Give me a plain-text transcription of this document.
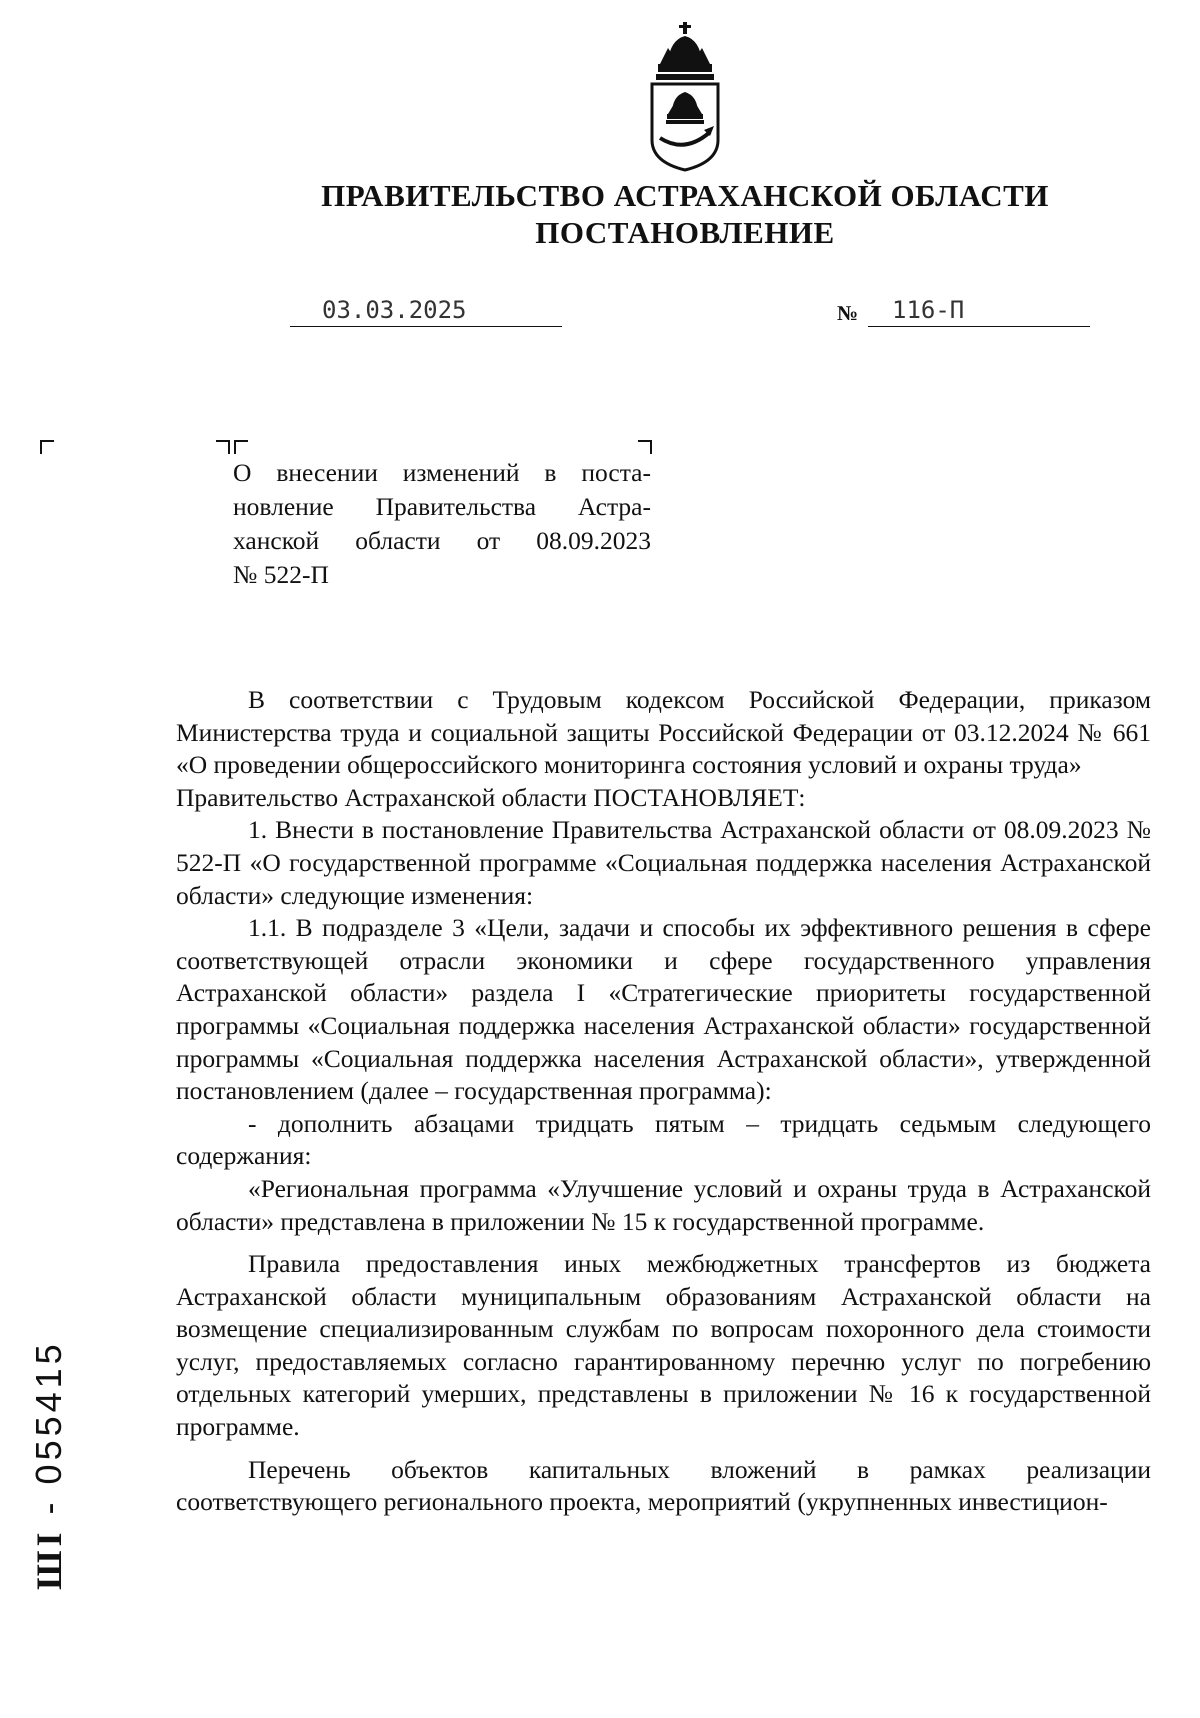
ПРАВИТЕЛЬСТВО АСТРАХАНСКОЙ ОБЛАСТИ
ПОСТАНОВЛЕНИЕ
03.03.2025	№	116-П
О внесении изменений в поста-
новление Правительства Астра-
ханской области от 08.09.2023
№ 522-П

В соответствии с Трудовым кодексом Российской Федерации, приказом Министерства труда и социальной защиты Российской Федерации от 03.12.2024 № 661 «О проведении общероссийского мониторинга состояния условий и охраны труда»

Правительство Астраханской области ПОСТАНОВЛЯЕТ:

1. Внести в постановление Правительства Астраханской области от 08.09.2023 № 522-П «О государственной программе «Социальная поддержка населения Астраханской области» следующие изменения:

1.1. В подразделе 3 «Цели, задачи и способы их эффективного решения в сфере соответствующей отрасли экономики и сфере государственного управления Астраханской области» раздела I «Стратегические приоритеты государственной программы «Социальная поддержка населения Астраханской области» государственной программы «Социальная поддержка населения Астраханской области», утвержденной постановлением (далее – государственная программа):

- дополнить абзацами тридцать пятым – тридцать седьмым следующего содержания:

«Региональная программа «Улучшение условий и охраны труда в Астраханской области» представлена в приложении № 15 к государственной программе.

Правила предоставления иных межбюджетных трансфертов из бюджета Астраханской области муниципальным образованиям Астраханской области на возмещение специализированным службам по вопросам похоронного дела стоимости услуг, предоставляемых согласно гарантированному перечню услуг по погребению отдельных категорий умерших, представлены в приложении № 16 к государственной программе.

Перечень объектов капитальных вложений в рамках реализации соответствующего регионального проекта, мероприятий (укрупненных инвестицион-

ШІ - 055415
